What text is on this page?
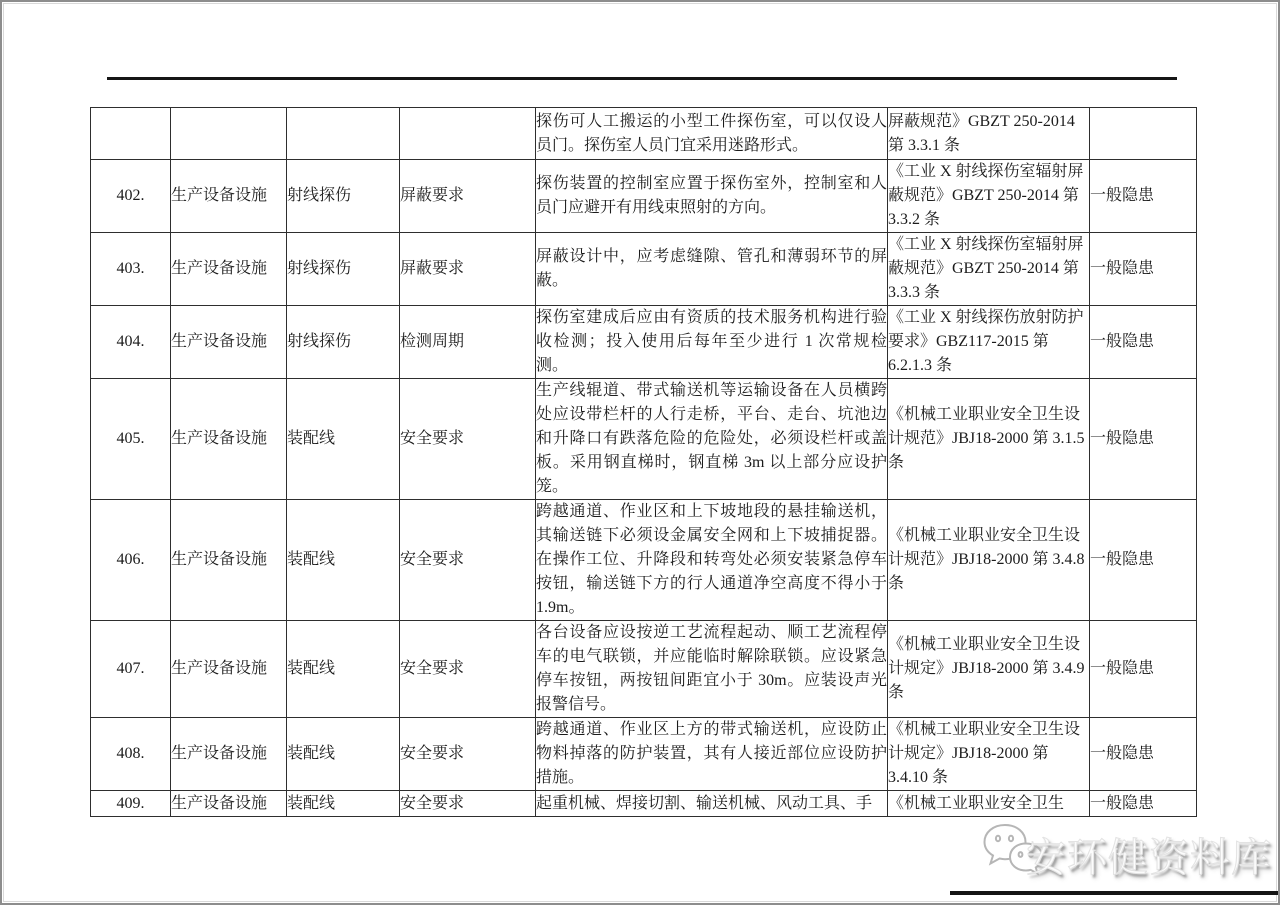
				探伤可人工搬运的小型工件探伤室，可以仅设人员门。探伤室人员门宜采用迷路形式。	屏蔽规范》GBZT 250-2014 第 3.3.1 条	
402.	生产设备设施	射线探伤	屏蔽要求	探伤装置的控制室应置于探伤室外，控制室和人员门应避开有用线束照射的方向。	《工业 X 射线探伤室辐射屏蔽规范》GBZT 250-2014 第 3.3.2 条	一般隐患
403.	生产设备设施	射线探伤	屏蔽要求	屏蔽设计中，应考虑缝隙、管孔和薄弱环节的屏蔽。	《工业 X 射线探伤室辐射屏蔽规范》GBZT 250-2014 第 3.3.3 条	一般隐患
404.	生产设备设施	射线探伤	检测周期	探伤室建成后应由有资质的技术服务机构进行验收检测；投入使用后每年至少进行 1 次常规检测。	《工业 X 射线探伤放射防护要求》GBZ117-2015 第 6.2.1.3 条	一般隐患
405.	生产设备设施	装配线	安全要求	生产线辊道、带式输送机等运输设备在人员横跨处应设带栏杆的人行走桥，平台、走台、坑池边和升降口有跌落危险的危险处，必须设栏杆或盖板。采用钢直梯时，钢直梯 3m 以上部分应设护笼。	《机械工业职业安全卫生设计规范》JBJ18-2000 第 3.1.5 条	一般隐患
406.	生产设备设施	装配线	安全要求	跨越通道、作业区和上下坡地段的悬挂输送机，其输送链下必须设金属安全网和上下坡捕捉器。在操作工位、升降段和转弯处必须安装紧急停车按钮，输送链下方的行人通道净空高度不得小于 1.9m。	《机械工业职业安全卫生设计规范》JBJ18-2000 第 3.4.8 条	一般隐患
407.	生产设备设施	装配线	安全要求	各台设备应设按逆工艺流程起动、顺工艺流程停车的电气联锁，并应能临时解除联锁。应设紧急停车按钮，两按钮间距宜小于 30m。应装设声光报警信号。	《机械工业职业安全卫生设计规定》JBJ18-2000 第 3.4.9 条	一般隐患
408.	生产设备设施	装配线	安全要求	跨越通道、作业区上方的带式输送机，应设防止物料掉落的防护装置，其有人接近部位应设防护措施。	《机械工业职业安全卫生设计规定》JBJ18-2000 第 3.4.10 条	一般隐患
409.	生产设备设施	装配线	安全要求	起重机械、焊接切割、输送机械、风动工具、手	《机械工业职业安全卫生	一般隐患
安环健资料库
